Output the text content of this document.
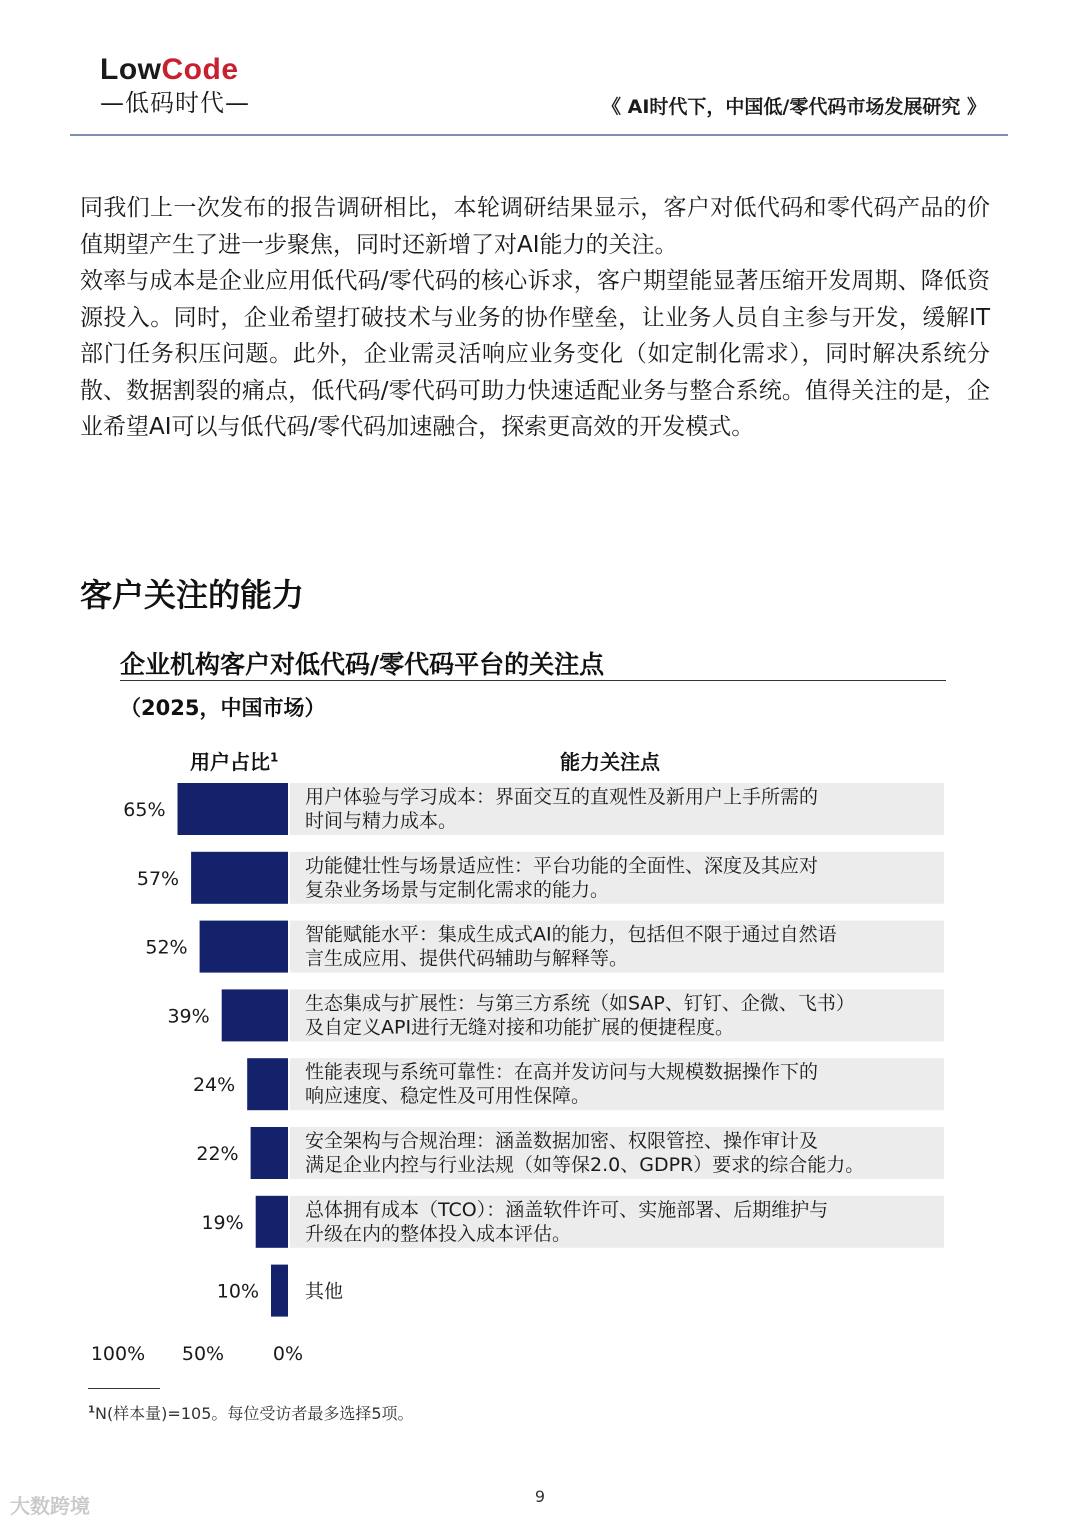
LowCode
—低码时代—	《 AI时代下，中国低/零代码市场发展研究 》

同我们上一次发布的报告调研相比，本轮调研结果显示，客户对低代码和零代码产品的价值期望产生了进一步聚焦，同时还新增了对AI能力的关注。

效率与成本是企业应用低代码/零代码的核心诉求，客户期望能显著压缩开发周期、降低资源投入。同时，企业希望打破技术与业务的协作壁垒，让业务人员自主参与开发，缓解IT部门任务积压问题。此外，企业需灵活响应业务变化（如定制化需求），同时解决系统分散、数据割裂的痛点，低代码/零代码可助力快速适配业务与整合系统。值得关注的是，企业希望AI可以与低代码/零代码加速融合，探索更高效的开发模式。

客户关注的能力
企业机构客户对低代码/零代码平台的关注点
（2025，中国市场）
用户占比$^1$	能力关注点
65%
用户体验与学习成本：界面交互的直观性及新用户上手所需的
时间与精力成本。
57%
功能健壮性与场景适应性：平台功能的全面性、深度及其应对
复杂业务场景与定制化需求的能力。
52%
智能赋能水平：集成生成式AI的能力，包括但不限于通过自然语
言生成应用、提供代码辅助与解释等。
39%
生态集成与扩展性：与第三方系统（如SAP、钉钉、企微、飞书）
及自定义API进行无缝对接和功能扩展的便捷程度。
24%
性能表现与系统可靠性：在高并发访问与大规模数据操作下的
响应速度、稳定性及可用性保障。
22%
安全架构与合规治理：涵盖数据加密、权限管控、操作审计及
满足企业内控与行业法规（如等保2.0、GDPR）要求的综合能力。
19%
总体拥有成本（TCO）：涵盖软件许可、实施部署、后期维护与
升级在内的整体投入成本评估。
10% 其他
100% 50%	0%
$^1$N(样本量)=105。每位受访者最多选择5项。
9
大数跨境
